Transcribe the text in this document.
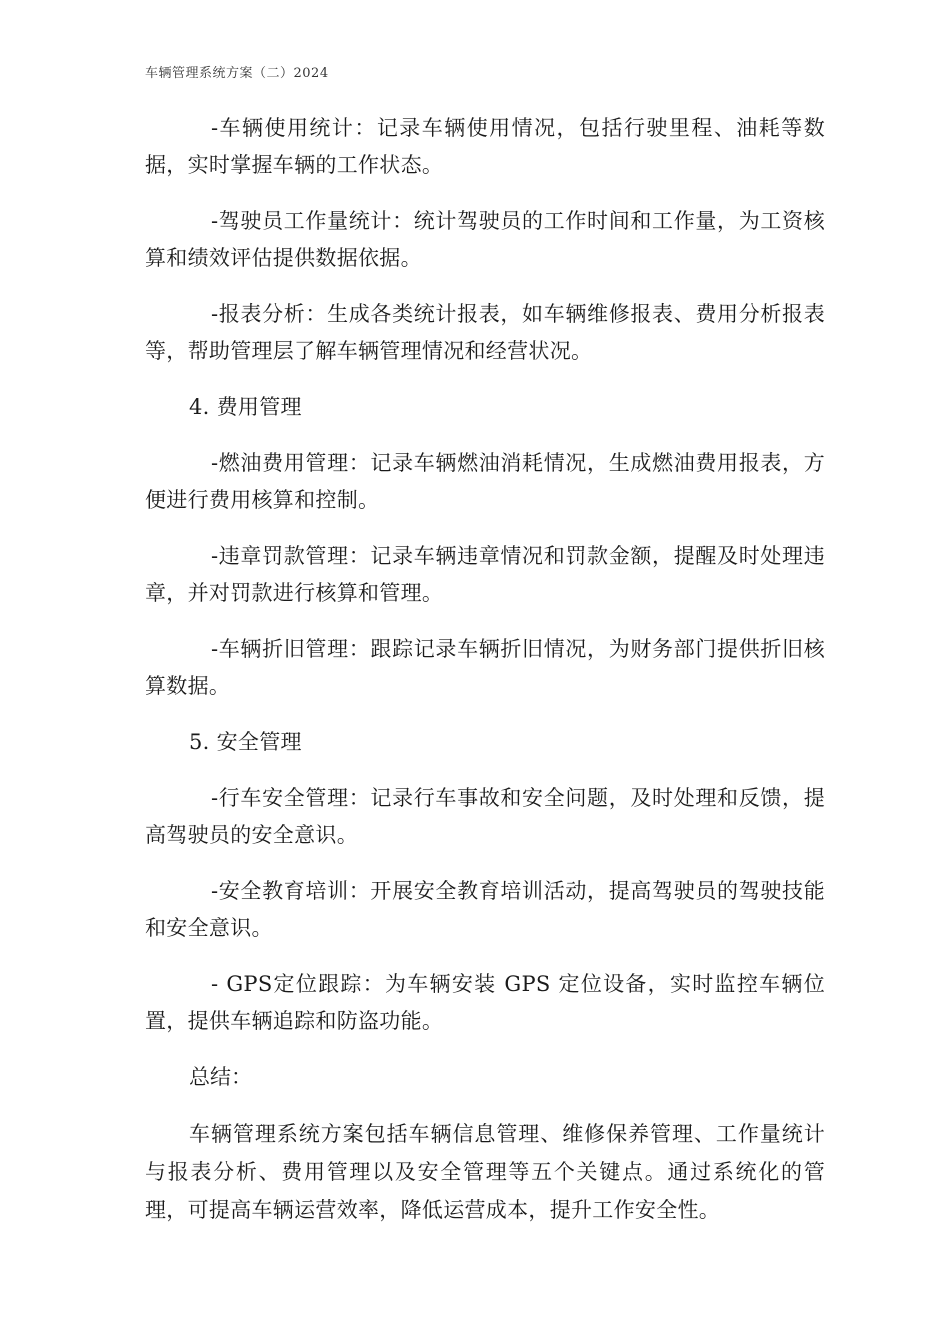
车辆管理系统方案（二）2024

-车辆使用统计：记录车辆使用情况，包括行驶里程、油耗等数据，实时掌握车辆的工作状态。

-驾驶员工作量统计：统计驾驶员的工作时间和工作量，为工资核算和绩效评估提供数据依据。

-报表分析：生成各类统计报表，如车辆维修报表、费用分析报表等，帮助管理层了解车辆管理情况和经营状况。

4. 费用管理

-燃油费用管理：记录车辆燃油消耗情况，生成燃油费用报表，方便进行费用核算和控制。

-违章罚款管理：记录车辆违章情况和罚款金额，提醒及时处理违章，并对罚款进行核算和管理。

-车辆折旧管理：跟踪记录车辆折旧情况，为财务部门提供折旧核算数据。

5. 安全管理

-行车安全管理：记录行车事故和安全问题，及时处理和反馈，提高驾驶员的安全意识。

-安全教育培训：开展安全教育培训活动，提高驾驶员的驾驶技能和安全意识。

- GPS定位跟踪：为车辆安装 GPS 定位设备，实时监控车辆位置，提供车辆追踪和防盗功能。

总结：

车辆管理系统方案包括车辆信息管理、维修保养管理、工作量统计与报表分析、费用管理以及安全管理等五个关键点。通过系统化的管理，可提高车辆运营效率，降低运营成本，提升工作安全性。
